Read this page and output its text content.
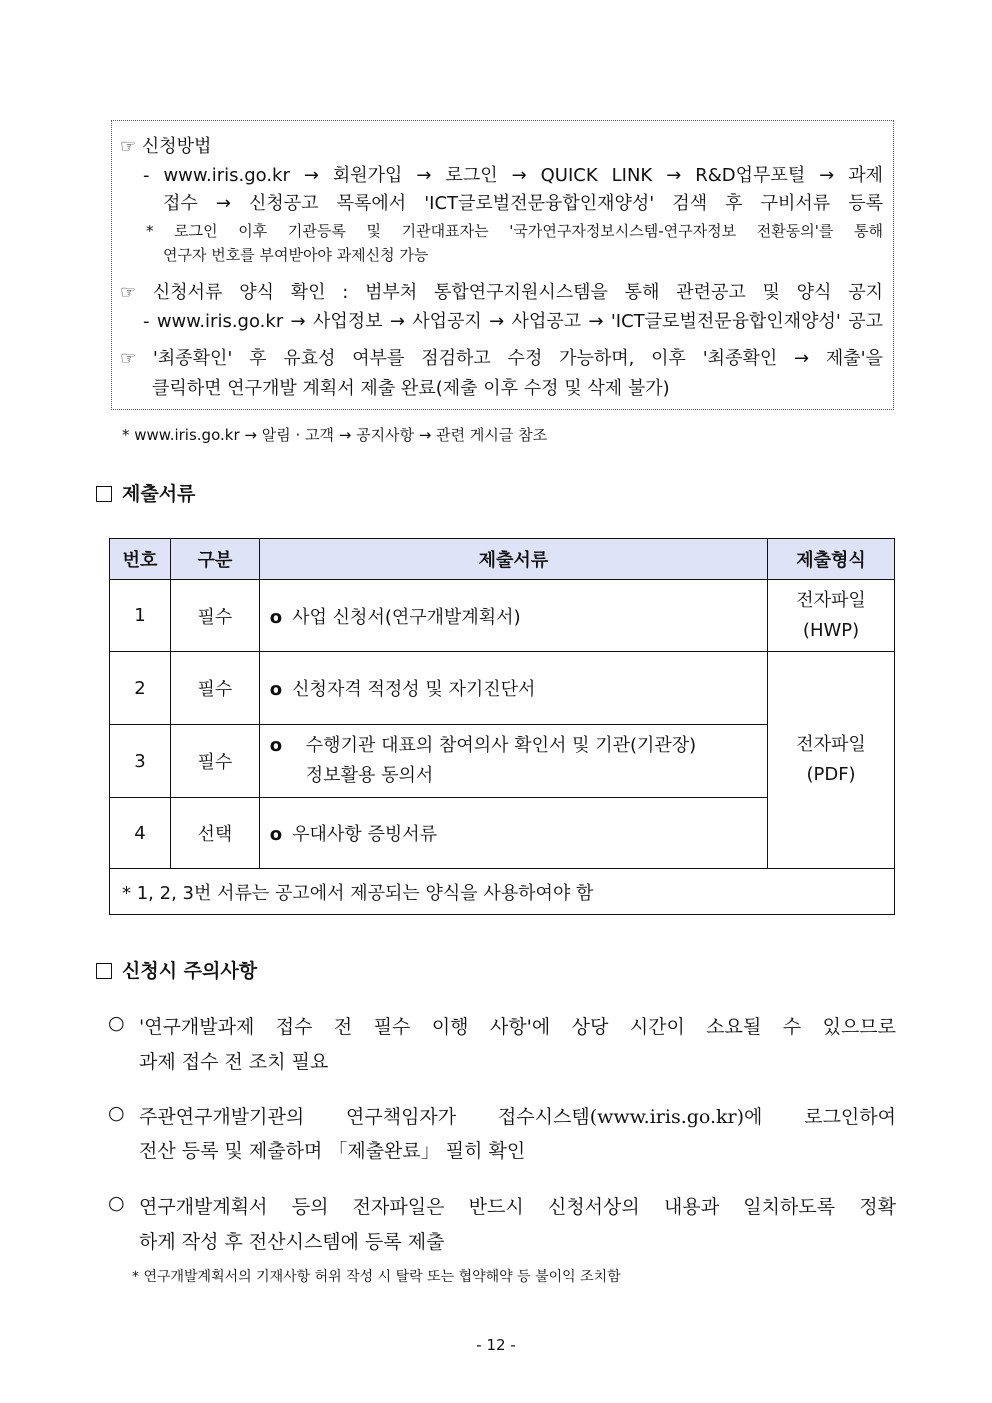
☞ 신청방법
- www.iris.go.kr → 회원가입 → 로그인 → QUICK LINK → R&D업무포털 → 과제
접수 → 신청공고 목록에서 'ICT글로벌전문융합인재양성' 검색 후 구비서류 등록
* 로그인 이후 기관등록 및 기관대표자는 '국가연구자정보시스템-연구자정보 전환동의'를 통해
연구자 번호를 부여받아야 과제신청 가능
☞ 신청서류 양식 확인 : 범부처 통합연구지원시스템을 통해 관련공고 및 양식 공지
- www.iris.go.kr → 사업정보 → 사업공지 → 사업공고 → 'ICT글로벌전문융합인재양성' 공고
☞ '최종확인' 후 유효성 여부를 점검하고 수정 가능하며, 이후 '최종확인 → 제출'을
클릭하면 연구개발 계획서 제출 완료(제출 이후 수정 및 삭제 불가)
* www.iris.go.kr → 알림 · 고객 → 공지사항 → 관련 게시글 참조
제출서류
번호	구분	제출서류	제출형식
1	필수	o 사업 신청서(연구개발계획서)	전자파일
(HWP)

2	필수	o 신청자격 적정성 및 자기진단서	전자파일
(PDF)

3	필수	o 수행기관 대표의 참여의사 확인서 및 기관(기관장)
정보활용 동의서	

4	선택	o 우대사항 증빙서류	
* 1, 2, 3번 서류는 공고에서 제공되는 양식을 사용하여야 함			
신청시 주의사항
○ '연구개발과제 접수 전 필수 이행 사항'에 상당 시간이 소요될 수 있으므로
과제 접수 전 조치 필요
○ 주관연구개발기관의 연구책임자가 접수시스템(www.iris.go.kr)에 로그인하여
전산 등록 및 제출하며 「제출완료」 필히 확인
○ 연구개발계획서 등의 전자파일은 반드시 신청서상의 내용과 일치하도록 정확
하게 작성 후 전산시스템에 등록 제출
* 연구개발계획서의 기재사항 허위 작성 시 탈락 또는 협약해약 등 불이익 조치함
- 12 -
